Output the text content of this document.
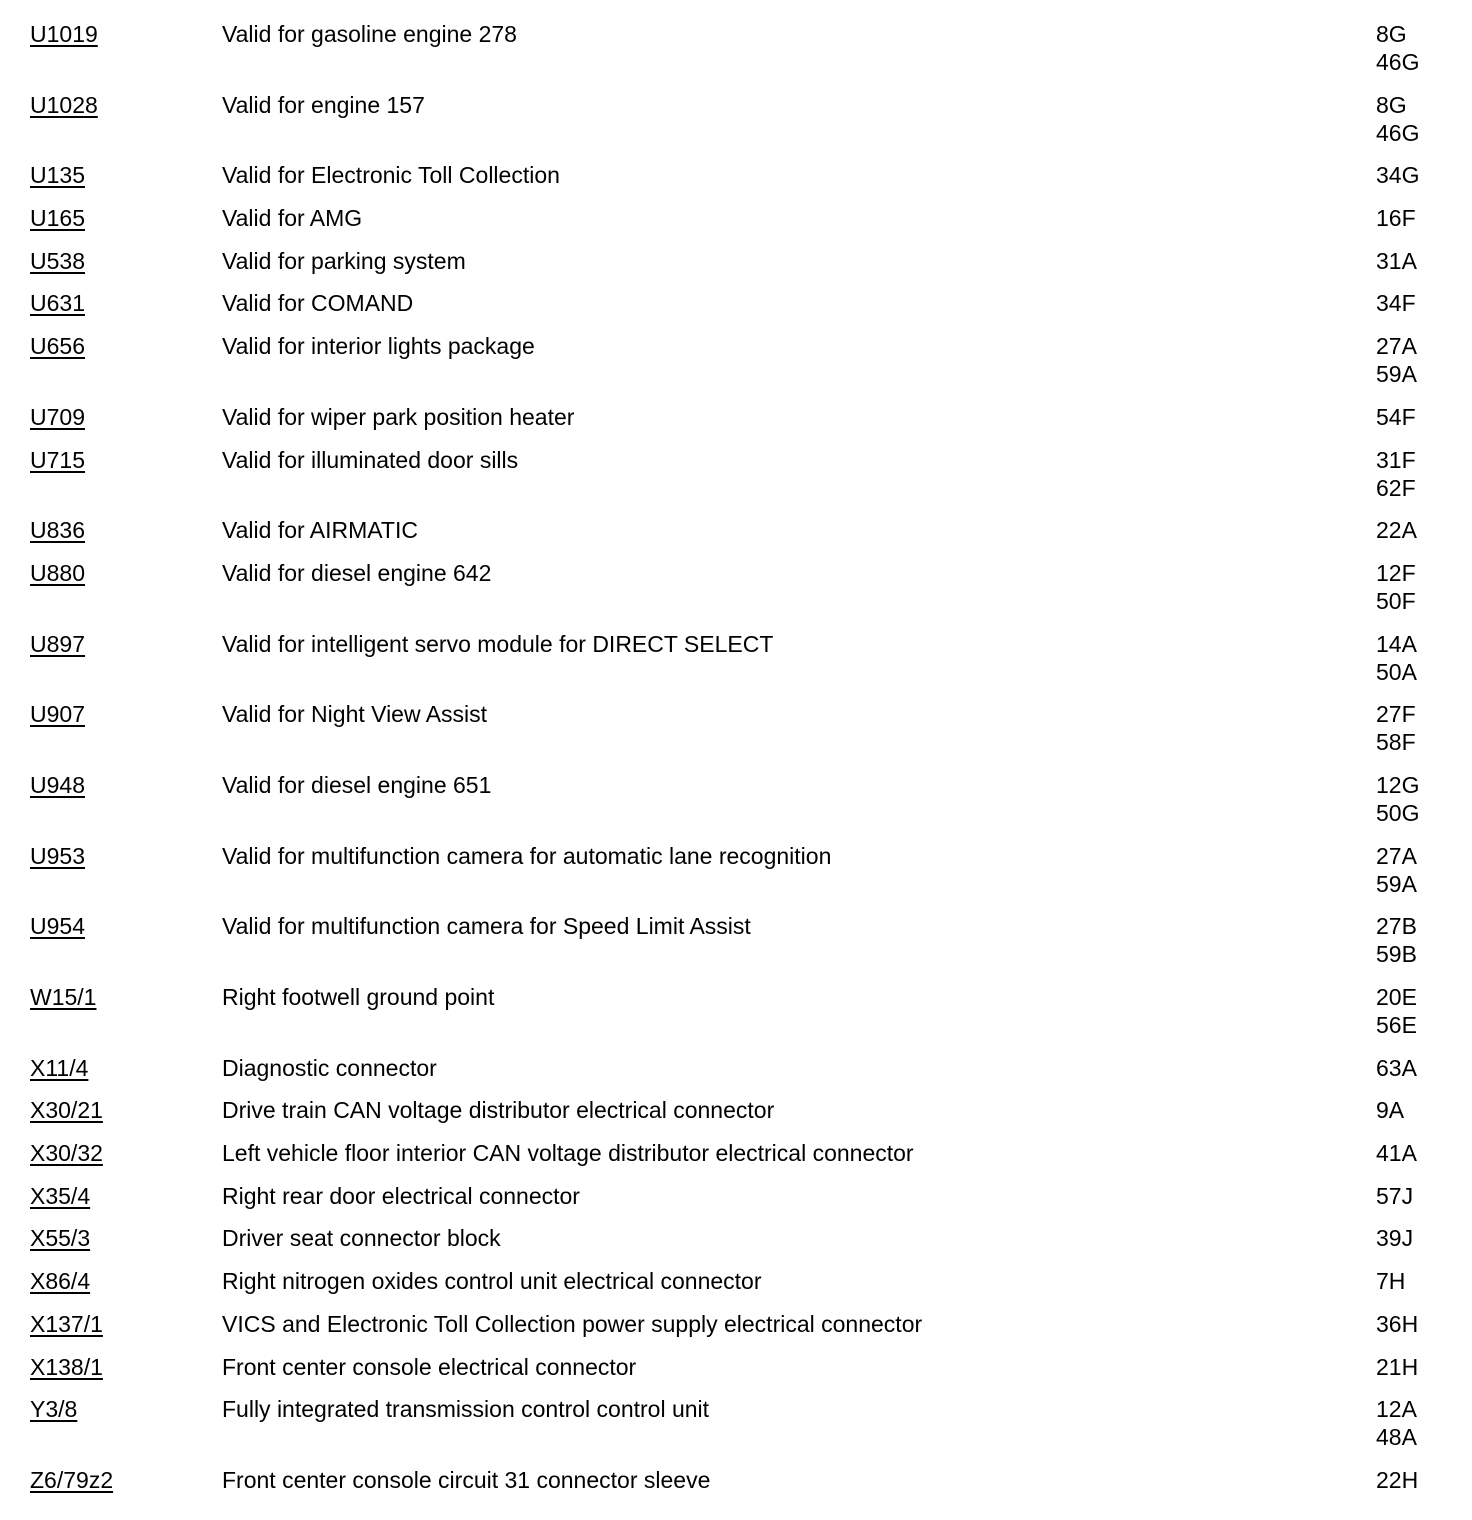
U1019	Valid for gasoline engine 278	8G
46G
U1028	Valid for engine 157	8G
46G
U135	Valid for Electronic Toll Collection	34G
U165	Valid for AMG	16F
U538	Valid for parking system	31A
U631	Valid for COMAND	34F
U656	Valid for interior lights package	27A
59A
U709	Valid for wiper park position heater	54F
U715	Valid for illuminated door sills	31F
62F
U836	Valid for AIRMATIC	22A
U880	Valid for diesel engine 642	12F
50F
U897	Valid for intelligent servo module for DIRECT SELECT	14A
50A
U907	Valid for Night View Assist	27F
58F
U948	Valid for diesel engine 651	12G
50G
U953	Valid for multifunction camera for automatic lane recognition	27A
59A
U954	Valid for multifunction camera for Speed Limit Assist	27B
59B
W15/1	Right footwell ground point	20E
56E
X11/4	Diagnostic connector	63A
X30/21	Drive train CAN voltage distributor electrical connector	9A
X30/32	Left vehicle floor interior CAN voltage distributor electrical connector	41A
X35/4	Right rear door electrical connector	57J
X55/3	Driver seat connector block	39J
X86/4	Right nitrogen oxides control unit electrical connector	7H
X137/1	VICS and Electronic Toll Collection power supply electrical connector	36H
X138/1	Front center console electrical connector	21H
Y3/8	Fully integrated transmission control control unit	12A
48A
Z6/79z2	Front center console circuit 31 connector sleeve	22H
